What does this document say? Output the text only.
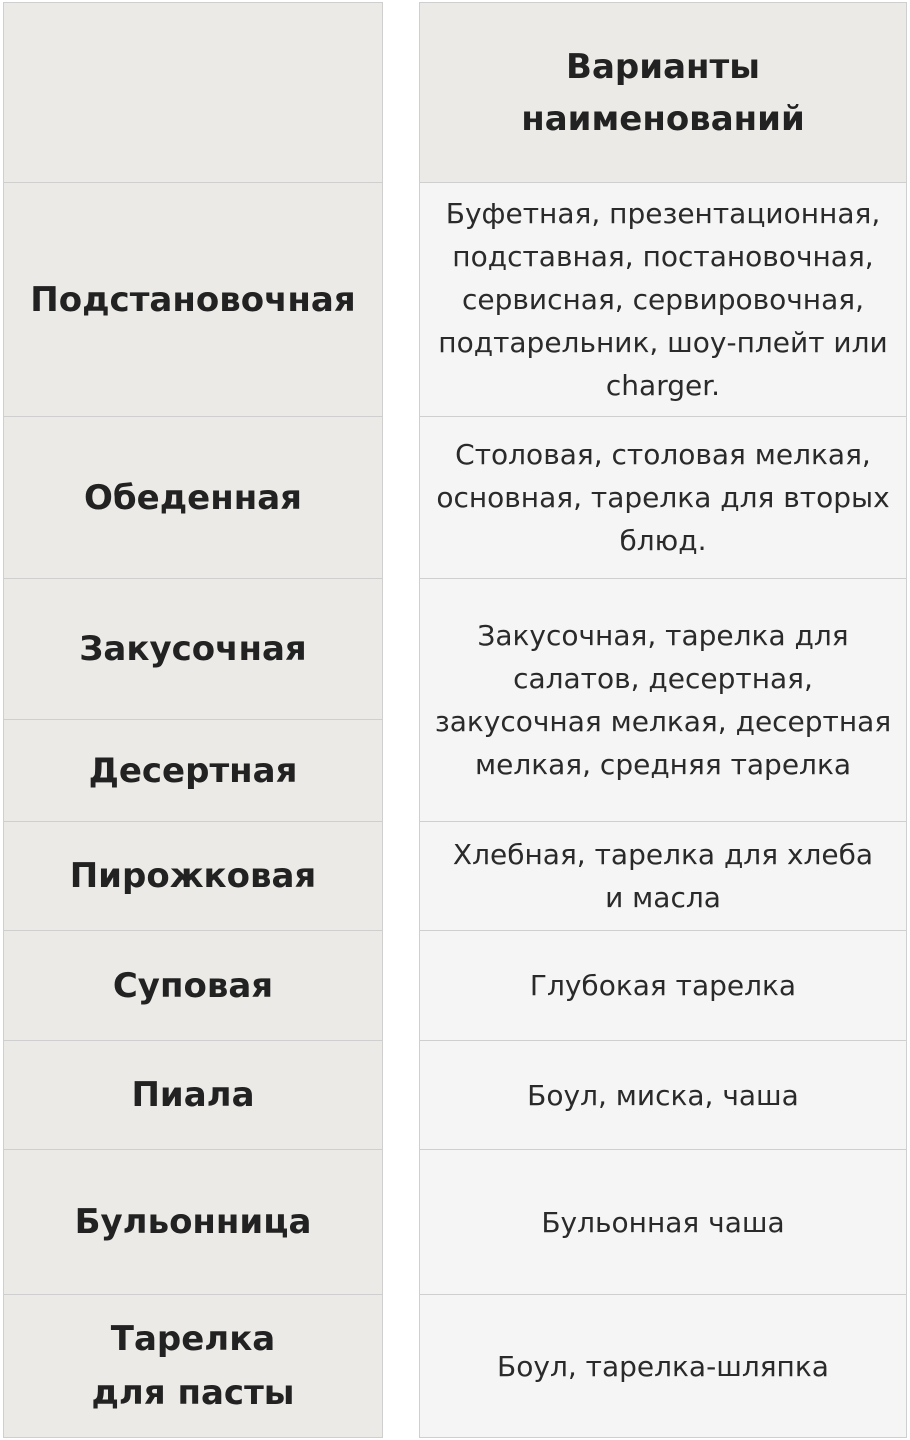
Подстановочная
Обеденная
Закусочная
Десертная
Пирожковая
Суповая
Пиала
Бульонница
Тарелка
для пасты
Варианты
наименований
Буфетная, презентационная,
подставная, постановочная,
сервисная, сервировочная,
подтарельник, шоу-плейт или
charger.
Столовая, столовая мелкая,
основная, тарелка для вторых
блюд.
Закусочная, тарелка для
салатов, десертная,
закусочная мелкая, десертная
мелкая, средняя тарелка
Хлебная, тарелка для хлеба
и масла
Глубокая тарелка
Боул, миска, чаша
Бульонная чаша
Боул, тарелка-шляпка
